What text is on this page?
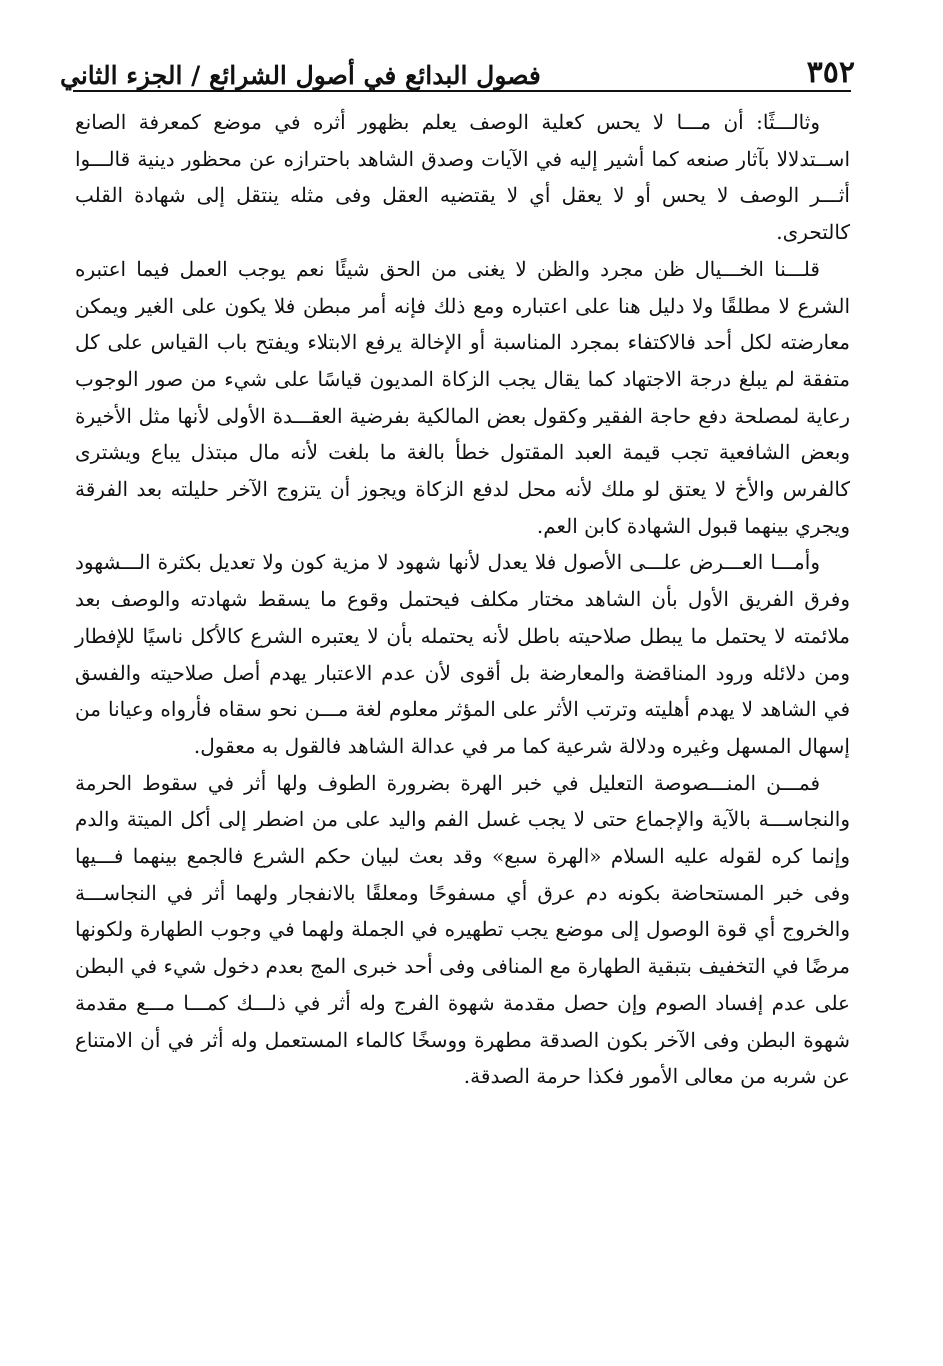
٣٥٢
فصول البدائع في أصول الشرائع / الجزء الثاني

وثالـــثًا: أن مـــا لا يحس كعلية الوصف يعلم بظهور أثره في موضع كمعرفة الصانع اســتدلالا بآثار صنعه كما أشير إليه في الآيات وصدق الشاهد باحترازه عن محظور دينية قالـــوا أثـــر الوصف لا يحس أو لا يعقل أي لا يقتضيه العقل وفى مثله ينتقل إلى شهادة القلب كالتحرى.

قلـــنا الخـــيال ظن مجرد والظن لا يغنى من الحق شيئًا نعم يوجب العمل فيما اعتبره الشرع لا مطلقًا ولا دليل هنا على اعتباره ومع ذلك فإنه أمر مبطن فلا يكون على الغير ويمكن معارضته لكل أحد فالاكتفاء بمجرد المناسبة أو الإخالة يرفع الابتلاء ويفتح باب القياس على كل متفقة لم يبلغ درجة الاجتهاد كما يقال يجب الزكاة المديون قياسًا على شيء من صور الوجوب رعاية لمصلحة دفع حاجة الفقير وكقول بعض المالكية بفرضية العقـــدة الأولى لأنها مثل الأخيرة وبعض الشافعية تجب قيمة العبد المقتول خطأ بالغة ما بلغت لأنه مال مبتذل يباع ويشترى كالفرس والأخ لا يعتق لو ملك لأنه محل لدفع الزكاة ويجوز أن يتزوج الآخر حليلته بعد الفرقة ويجري بينهما قبول الشهادة كابن العم.

وأمـــا العـــرض علـــى الأصول فلا يعدل لأنها شهود لا مزية كون ولا تعديل بكثرة الـــشهود وفرق الفريق الأول بأن الشاهد مختار مكلف فيحتمل وقوع ما يسقط شهادته والوصف بعد ملائمته لا يحتمل ما يبطل صلاحيته باطل لأنه يحتمله بأن لا يعتبره الشرع كالأكل ناسيًا للإفطار ومن دلائله ورود المناقضة والمعارضة بل أقوى لأن عدم الاعتبار يهدم أصل صلاحيته والفسق في الشاهد لا يهدم أهليته وترتب الأثر على المؤثر معلوم لغة مـــن نحو سقاه فأرواه وعيانا من إسهال المسهل وغيره ودلالة شرعية كما مر في عدالة الشاهد فالقول به معقول.

فمـــن المنـــصوصة التعليل في خبر الهرة بضرورة الطوف ولها أثر في سقوط الحرمة والنجاســـة بالآية والإجماع حتى لا يجب غسل الفم واليد على من اضطر إلى أكل الميتة والدم وإنما كره لقوله عليه السلام «الهرة سبع» وقد بعث لبيان حكم الشرع فالجمع بينهما فـــيها وفى خبر المستحاضة بكونه دم عرق أي مسفوحًا ومعلقًا بالانفجار ولهما أثر في النجاســـة والخروج أي قوة الوصول إلى موضع يجب تطهيره في الجملة ولهما في وجوب الطهارة ولكونها مرضًا في التخفيف بتبقية الطهارة مع المنافى وفى أحد خبرى المج بعدم دخول شيء في البطن على عدم إفساد الصوم وإن حصل مقدمة شهوة الفرج وله أثر في ذلـــك كمـــا مـــع مقدمة شهوة البطن وفى الآخر بكون الصدقة مطهرة ووسخًا كالماء المستعمل وله أثر في أن الامتناع عن شربه من معالى الأمور فكذا حرمة الصدقة.
